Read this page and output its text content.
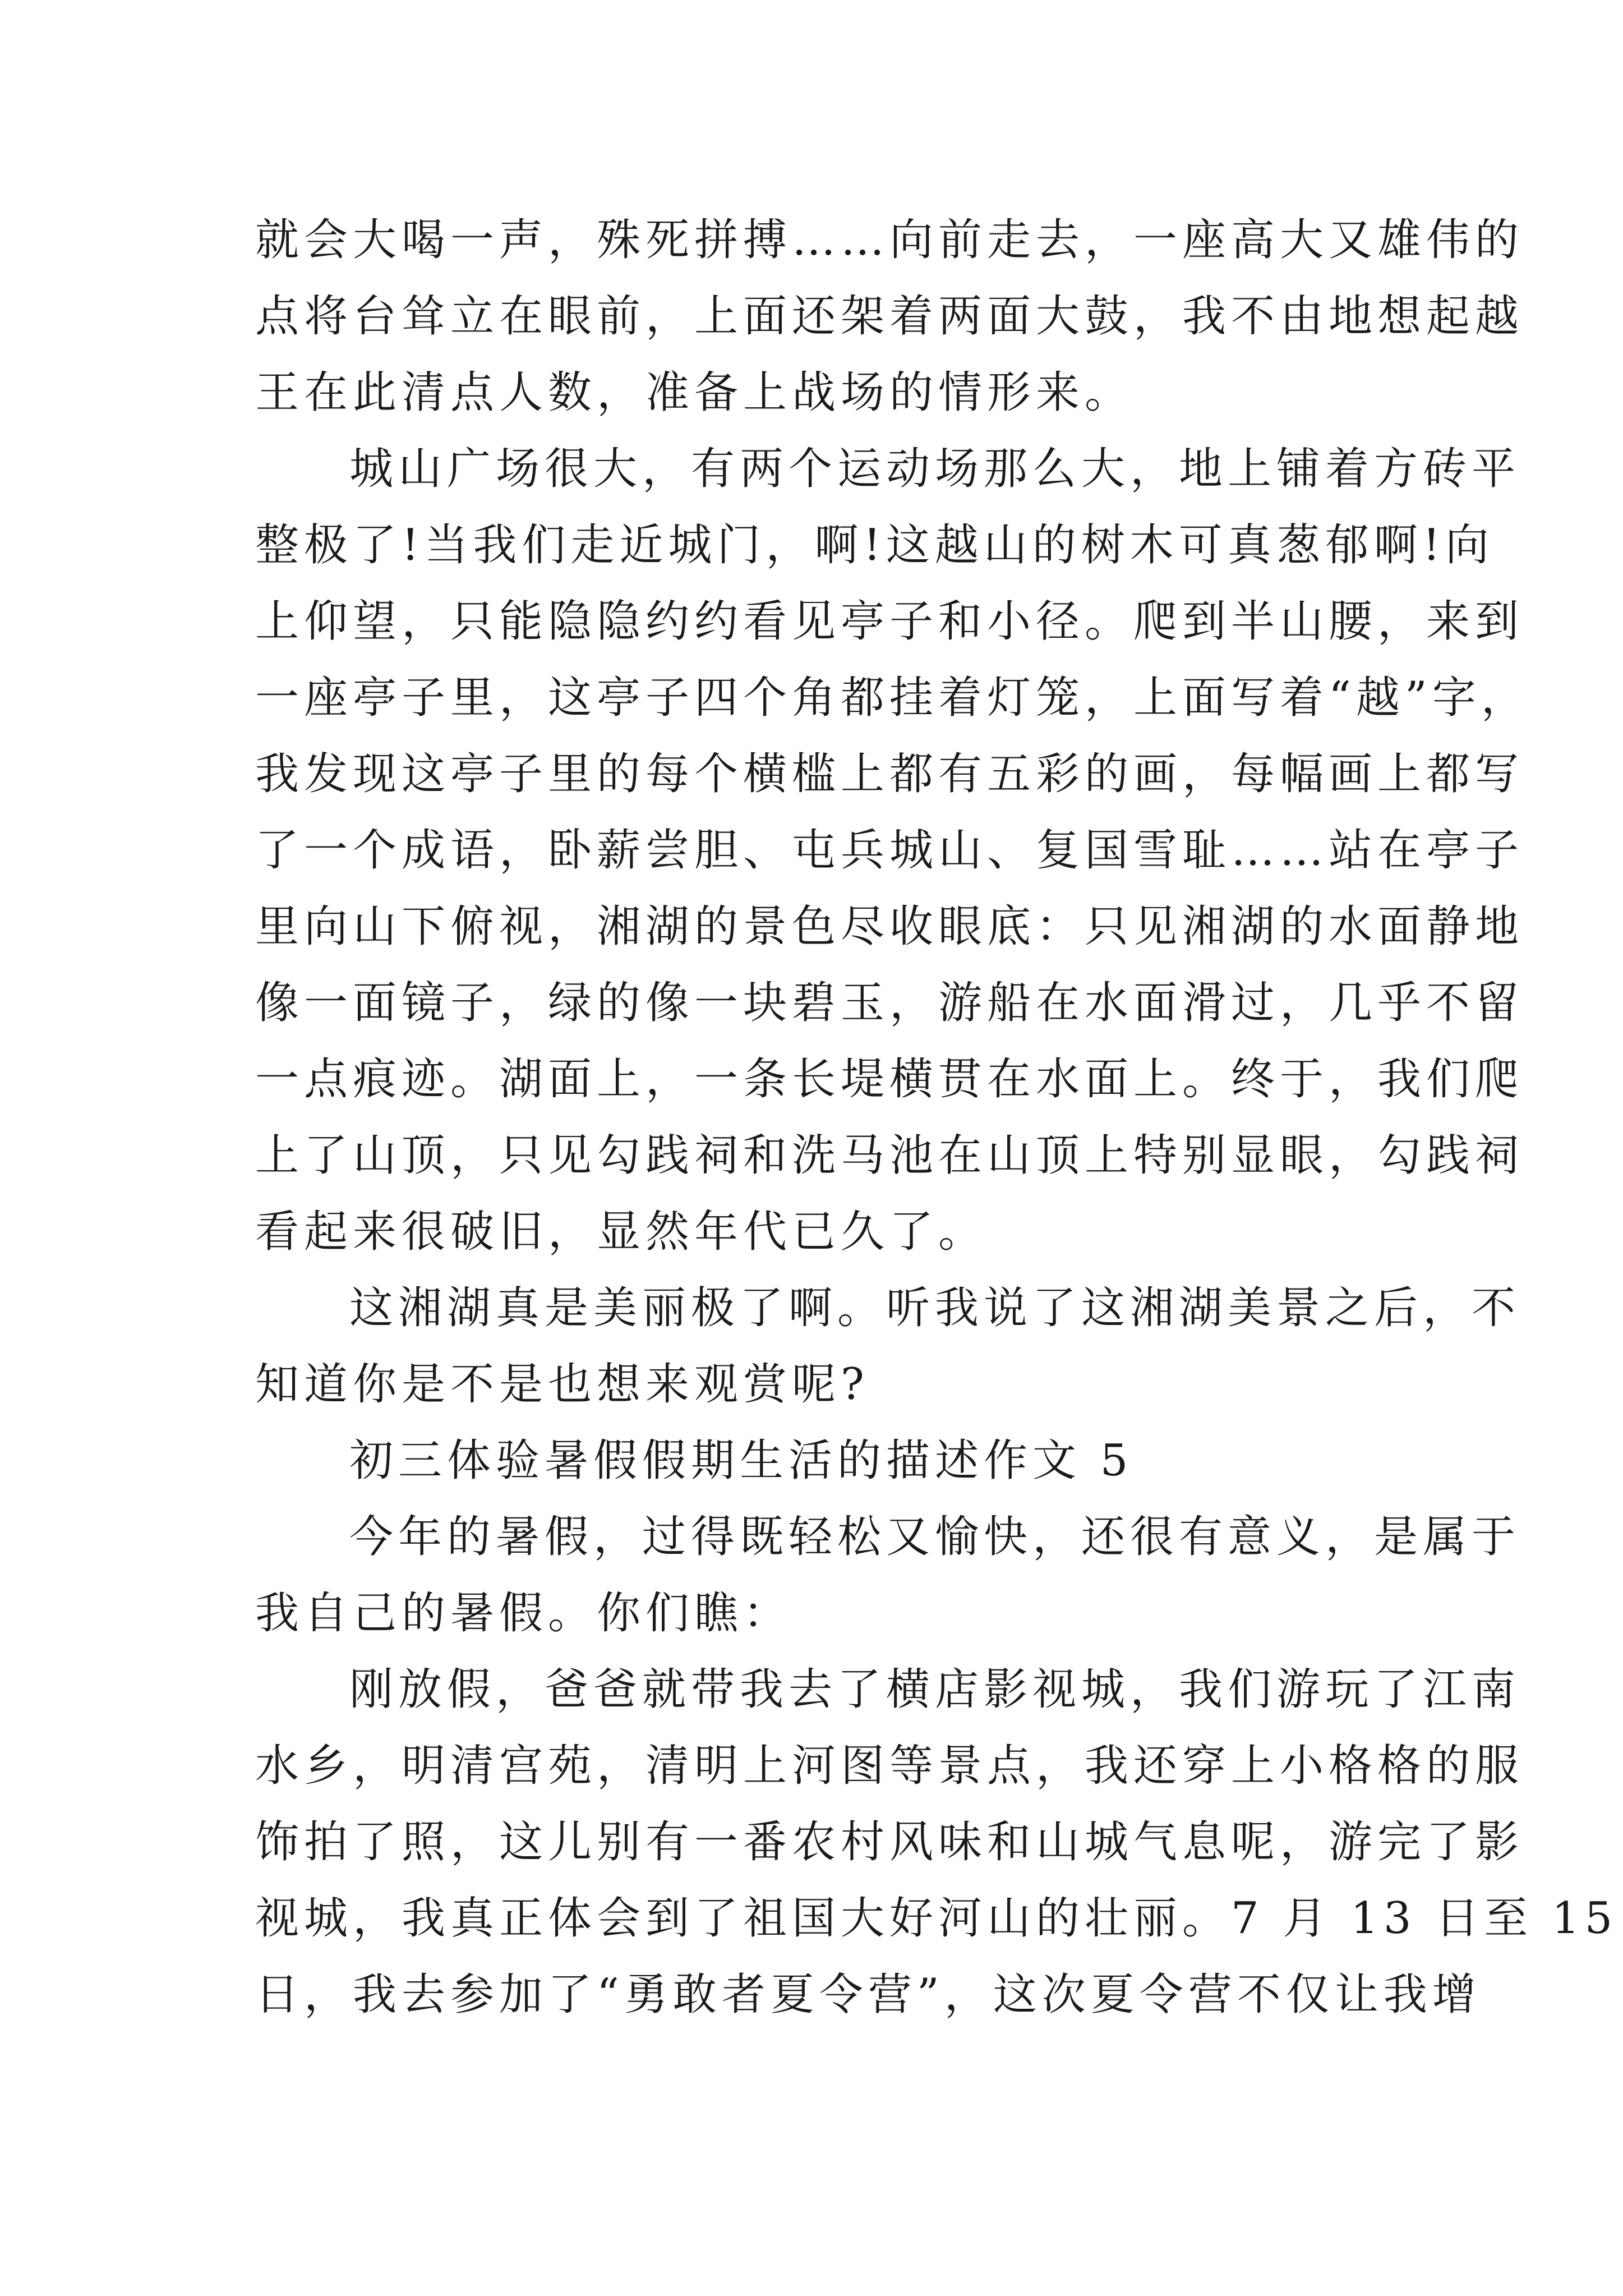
就会大喝一声，殊死拼搏……向前走去，一座高大又雄伟的
点将台耸立在眼前，上面还架着两面大鼓，我不由地想起越
王在此清点人数，准备上战场的情形来。
城山广场很大，有两个运动场那么大，地上铺着方砖平
整极了!当我们走近城门，啊!这越山的树木可真葱郁啊!向
上仰望，只能隐隐约约看见亭子和小径。爬到半山腰，来到
一座亭子里，这亭子四个角都挂着灯笼，上面写着“越”字，
我发现这亭子里的每个横槛上都有五彩的画，每幅画上都写
了一个成语，卧薪尝胆、屯兵城山、复国雪耻……站在亭子
里向山下俯视，湘湖的景色尽收眼底：只见湘湖的水面静地
像一面镜子，绿的像一块碧玉，游船在水面滑过，几乎不留
一点痕迹。湖面上，一条长堤横贯在水面上。终于，我们爬
上了山顶，只见勾践祠和洗马池在山顶上特别显眼，勾践祠
看起来很破旧，显然年代已久了。
这湘湖真是美丽极了啊。听我说了这湘湖美景之后，不
知道你是不是也想来观赏呢?
初三体验暑假假期生活的描述作文 5
今年的暑假，过得既轻松又愉快，还很有意义，是属于
我自己的暑假。你们瞧：
刚放假，爸爸就带我去了横店影视城，我们游玩了江南
水乡，明清宫苑，清明上河图等景点，我还穿上小格格的服
饰拍了照，这儿别有一番农村风味和山城气息呢，游完了影
视城，我真正体会到了祖国大好河山的壮丽。7 月 13 日至 15
日，我去参加了“勇敢者夏令营”，这次夏令营不仅让我增
